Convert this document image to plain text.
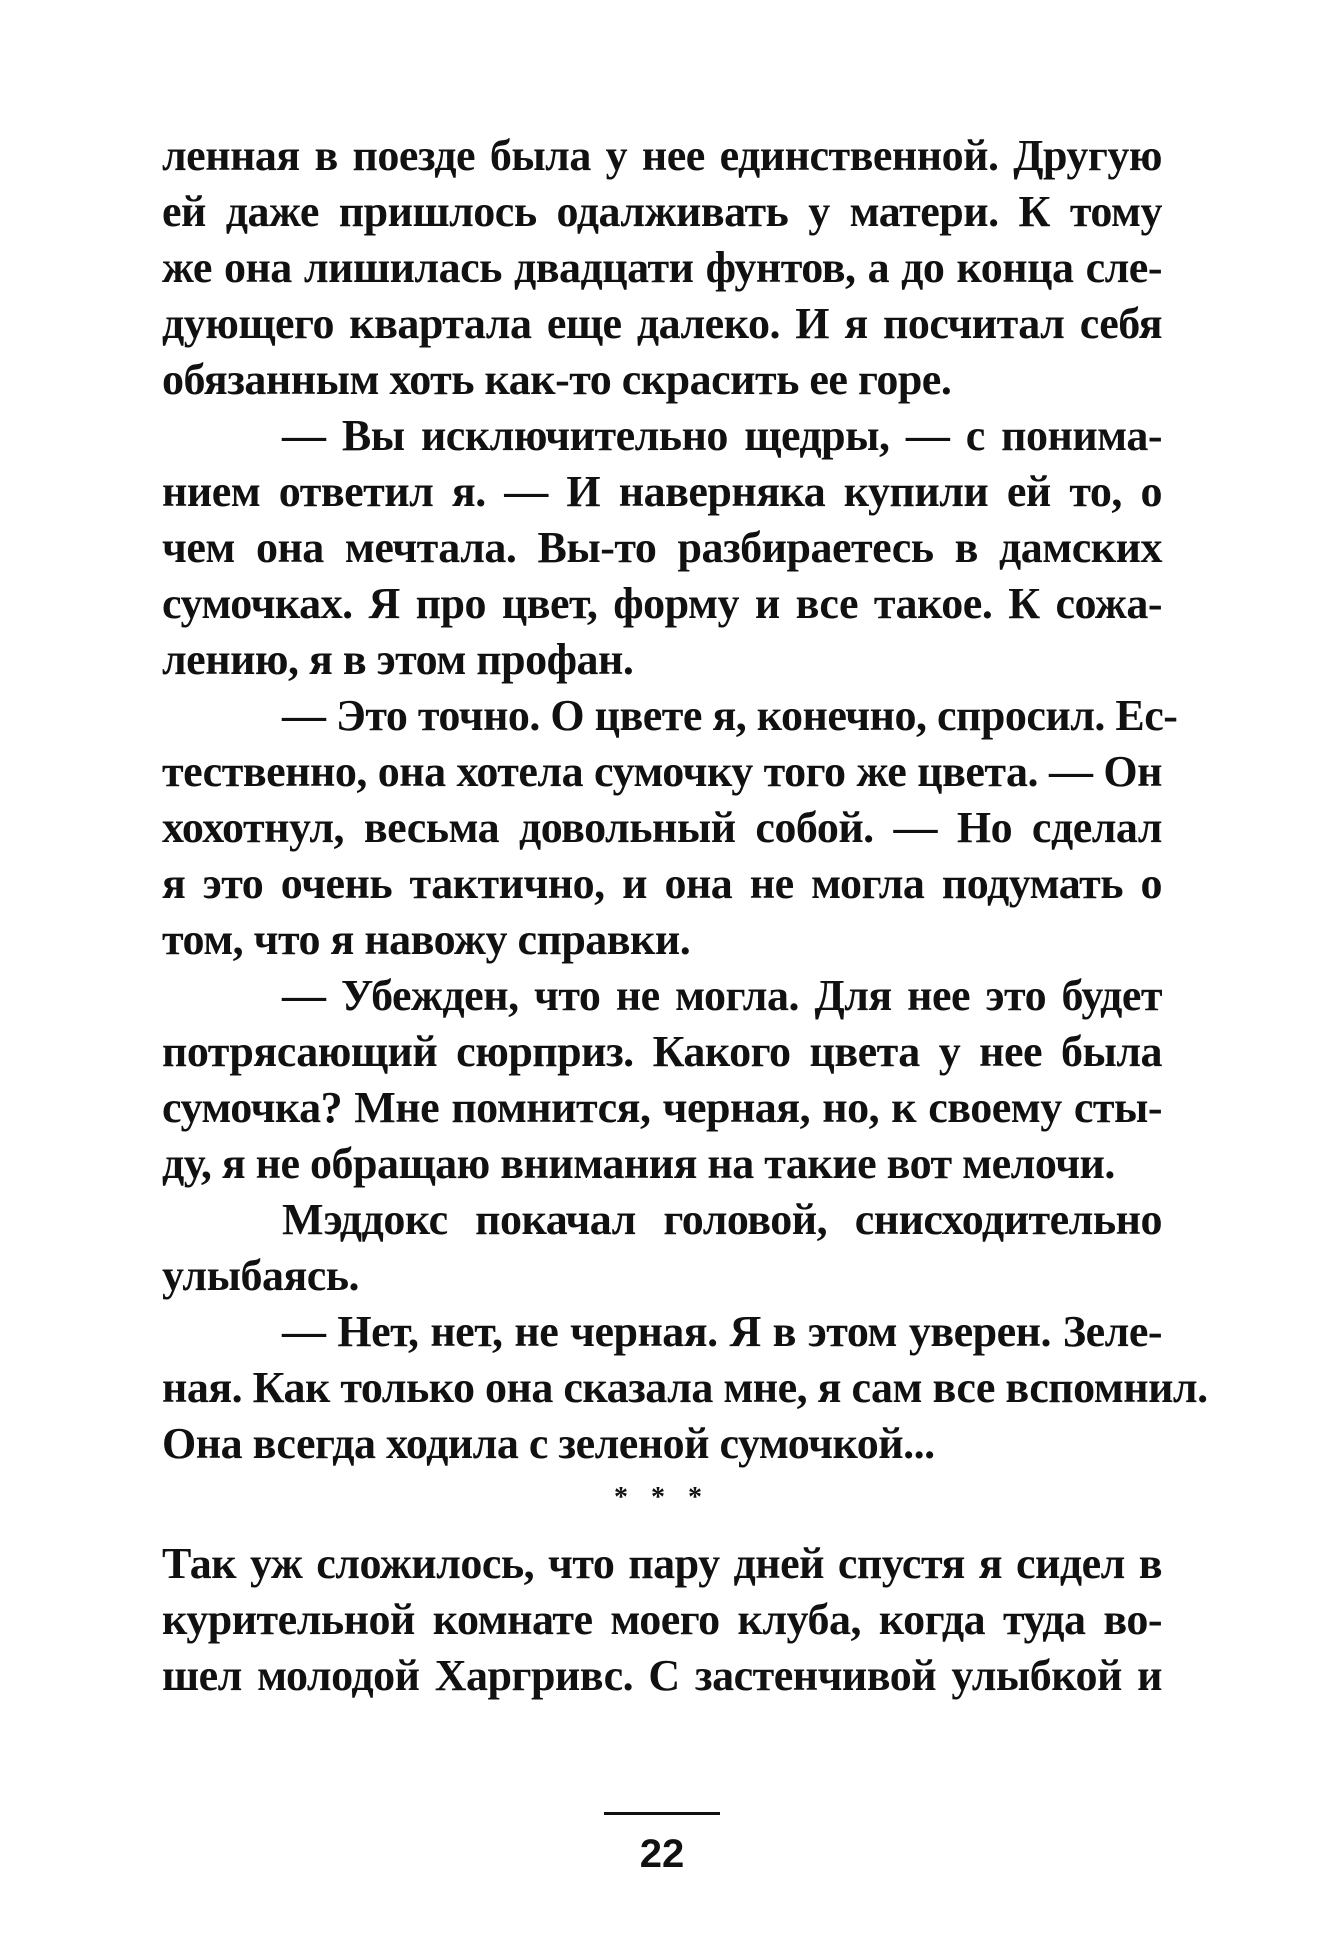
ленная в поезде была у нее единственной. Другую
ей даже пришлось одалживать у матери. К тому
же она лишилась двадцати фунтов, а до конца сле-
дующего квартала еще далеко. И я посчитал себя
обязанным хоть как-то скрасить ее горе.
— Вы исключительно щедры, — с понима-
нием ответил я. — И наверняка купили ей то, о
чем она мечтала. Вы-то разбираетесь в дамских
сумочках. Я про цвет, форму и все такое. К сожа-
лению, я в этом профан.
— Это точно. О цвете я, конечно, спросил. Ес-
тественно, она хотела сумочку того же цвета. — Он
хохотнул, весьма довольный собой. — Но сделал
я это очень тактично, и она не могла подумать о
том, что я навожу справки.
— Убежден, что не могла. Для нее это будет
потрясающий сюрприз. Какого цвета у нее была
сумочка? Мне помнится, черная, но, к своему сты-
ду, я не обращаю внимания на такие вот мелочи.
Мэддокс покачал головой, снисходительно
улыбаясь.
— Нет, нет, не черная. Я в этом уверен. Зеле-
ная. Как только она сказала мне, я сам все вспомнил.
Она всегда ходила с зеленой сумочкой...
* * *
Так уж сложилось, что пару дней спустя я сидел в
курительной комнате моего клуба, когда туда во-
шел молодой Харгривс. С застенчивой улыбкой и
22
